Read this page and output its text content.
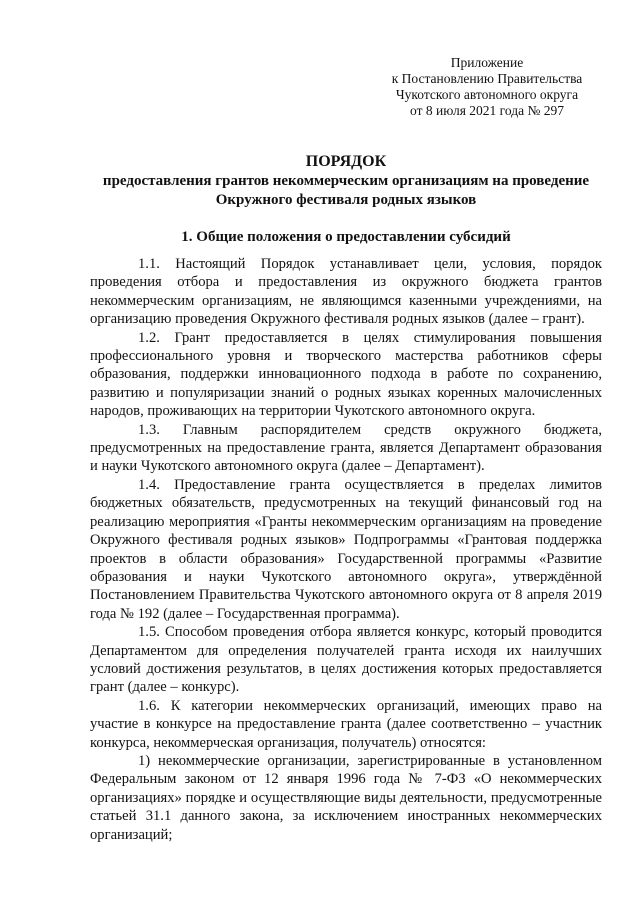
Приложение
к Постановлению Правительства
Чукотского автономного округа
от 8 июля 2021 года № 297
ПОРЯДОК
предоставления грантов некоммерческим организациям на проведение Окружного фестиваля родных языков
1. Общие положения о предоставлении субсидий

1.1. Настоящий Порядок устанавливает цели, условия, порядок проведения отбора и предоставления из окружного бюджета грантов некоммерческим организациям, не являющимся казенными учреждениями, на организацию проведения Окружного фестиваля родных языков (далее – грант).

1.2. Грант предоставляется в целях стимулирования повышения профессионального уровня и творческого мастерства работников сферы образования, поддержки инновационного подхода в работе по сохранению, развитию и популяризации знаний о родных языках коренных малочисленных народов, проживающих на территории Чукотского автономного округа.

1.3. Главным распорядителем средств окружного бюджета, предусмотренных на предоставление гранта, является Департамент образования и науки Чукотского автономного округа (далее – Департамент).

1.4. Предоставление гранта осуществляется в пределах лимитов бюджетных обязательств, предусмотренных на текущий финансовый год на реализацию мероприятия «Гранты некоммерческим организациям на проведение Окружного фестиваля родных языков» Подпрограммы «Грантовая поддержка проектов в области образования» Государственной программы «Развитие образования и науки Чукотского автономного округа», утверждённой Постановлением Правительства Чукотского автономного округа от 8 апреля 2019 года № 192 (далее – Государственная программа).

1.5. Способом проведения отбора является конкурс, который проводится Департаментом для определения получателей гранта исходя их наилучших условий достижения результатов, в целях достижения которых предоставляется грант (далее – конкурс).

1.6. К категории некоммерческих организаций, имеющих право на участие в конкурсе на предоставление гранта (далее соответственно – участник конкурса, некоммерческая организация, получатель) относятся:

1) некоммерческие организации, зарегистрированные в установленном Федеральным законом от 12 января 1996 года № 7-ФЗ «О некоммерческих организациях» порядке и осуществляющие виды деятельности, предусмотренные статьей 31.1 данного закона, за исключением иностранных некоммерческих организаций;
